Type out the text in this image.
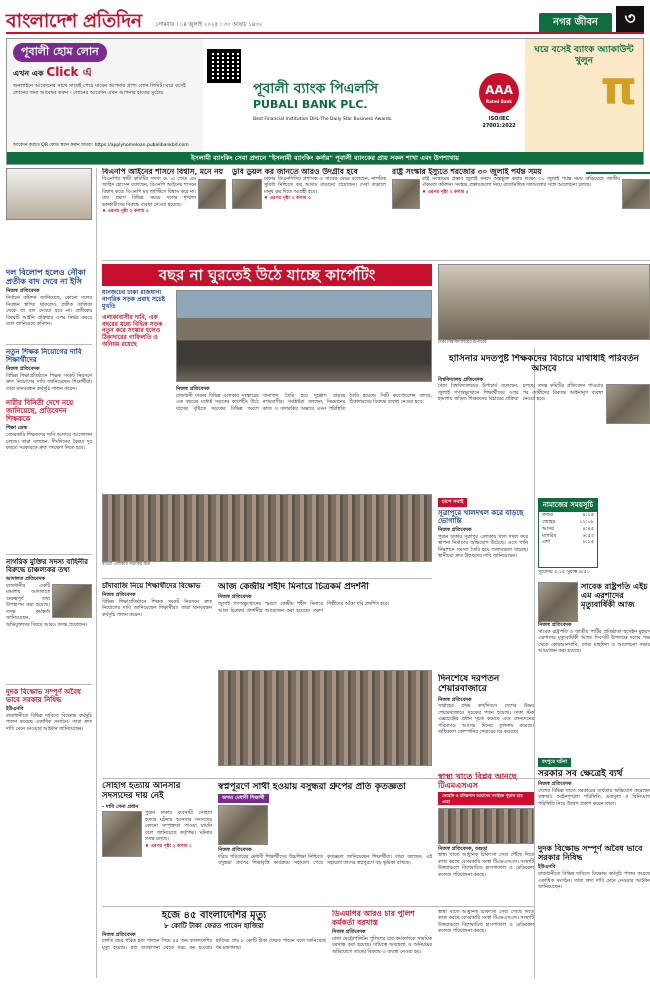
বাংলাদেশ প্রতিদিন	সোমবার । ১৪ জুলাই ২০২৫ । ৩০ আষাঢ় ১৪৩২	নগর জীবন	৩
পূবালী হোম লোন
এখন এক Click এ
অনলাইনে আবেদনের সাথে সাথেই পেয়ে যাবেন আপনার প্রাপ্য লোন লিমিট। ঘরে বসেই লোনের জন্য আবেদন করুন - লোনের আবেদন এখন আপনার হাতের মুঠোয়	পূবালী ব্যাংক পিএলসি
PUBALI BANK PLC.
Best Financial Institution DHL-The Daily Star Business Awards.
AAA
Rated Bank
ISO/IEC 27001:2022
ঘরে বসেই ব্যাংক অ্যাকাউন্ট খুলুন
π
আবেদন করতে QR কোড স্ক্যান করুন অথবা: https://applyhomeloan.pubalibankbd.com
ইসলামী ব্যাংকিং সেবা প্রদানে "ইসলামী ব্যাংকিং কর্নার" পূবালী ব্যাংকের প্রায় সকল শাখা এবং উপশাখায়
দল বিলোপ হলেও নৌকা প্রতীক বাদ দেবে না ইসি
নিজস্ব প্রতিবেদক
নির্বাচন কমিশন জানিয়েছে, কোনো দলের নিবন্ধন স্থগিত থাকলেও প্রতীক তালিকা থেকে তা বাদ দেওয়া হবে না। প্রতীকের বিষয়টি আইনি প্রক্রিয়ার ওপর নির্ভর করবে বলে জানিয়েছে কমিশন।
নতুন শিক্ষক নিয়োগের দাবি শিক্ষার্থীদের
নিজস্ব প্রতিবেদক
বিভিন্ন শিক্ষাপ্রতিষ্ঠানে শিক্ষক সংকট নিরসনে দ্রুত নিয়োগের দাবি জানিয়েছেন শিক্ষার্থীরা। তারা মানববন্ধন কর্মসূচি পালন করেন।
নারীর বিনিতী দেশে নয়ে জানিয়েছে, প্রতিবেদন শিক্ষককে
শিক্ষা ডেস্ক
বেসরকারি শিক্ষকদের দাবি আদায়ে আন্দোলন চলছে। তারা বলছেন, দীর্ঘদিনের বৈষম্য দূর করতে সরকারকে দ্রুত পদক্ষেপ নিতে হবে।
নাগরিক মুক্তির সদস্য বাহিনীর বিরুদ্ধে চাঞ্চল্যকর তথ্য
আদালত প্রতিবেদক
রাজধানীর একটি মামলায় আদালতে গুরুত্বপূর্ণ তথ্য উপস্থাপন করা হয়েছে। তদন্ত কর্মকর্তা জানিয়েছেন, অভিযুক্তদের বিষয়ে আরও তদন্ত প্রয়োজন।
দুদক বিক্ষোভ সম্পূর্ণ অবৈধ ভাবে সরকার নিষিদ্ধ
ইউএনবি
রাজধানীতে বিভিন্ন দাবিতে বিক্ষোভ কর্মসূচি পালন করেছে একাধিক সংগঠন। তারা দ্রুত দাবি মেনে নেওয়ার আহ্বান জানিয়েছেন।
বিএনপি আইনের শাসনে বিশ্বাস, মনে নয়
বিএনপির স্থায়ী কমিটির সদস্য ড. এ জেড এম জাহিদ হোসেন বলেছেন, বিএনপি আইনের শাসনে বিশ্বাস করে। বিএনপি মব জাস্টিসে বিশ্বাস করে না। যার প্রমাণ বিভিন্ন সময়ে দলের শৃঙ্খলা ভঙ্গকারীদের বিরুদ্ধে ব্যবস্থা নেওয়া হয়েছে।
♦ এরপর পৃষ্ঠা ২ কলাম ৪
ডুবি ডুয়ল কর জানতে আরও উদগ্রীব হবে
ঢাকার ডিএনসিসির প্রশাসক ও সাবেক মেয়র বলেছেন, নাগরিক সুবিধা নিশ্চিতে কর আদায় বাড়ানো প্রয়োজন। সেবা বাড়ালে মানুষ কর দিতে আগ্রহী হবে।
♦ এরপর পৃষ্ঠা ২ কলাম ৩
রাষ্ট্র সংস্কার ইস্যুতে শরজোর ৩০ জুলাই পর্যন্ত সময়
রাষ্ট্র সংস্কারের প্রস্তাব জুলাই সনদে অন্তর্ভুক্ত করার লক্ষ্যে ৩০ জুলাই পর্যন্ত সময় বাড়িয়েছে জাতীয় ঐকমত্য কমিশন। সংস্কার প্রস্তাবগুলো নিয়ে রাজনৈতিক দলগুলোর সঙ্গে আলোচনা চলছে।
♦ এরপর পৃষ্ঠা ২ কলাম ৫
বছর না ঘুরতেই উঠে যাচ্ছে কার্পেটিং
যানজটের ঢাকা রাজধানী নাগরিক সড়ক প্রবাহ সচেষ্ট মুখতি
এলাকাবাসীর দাবি, এক বছরের মধ্যে বিভিন্ন সড়ক নতুন করে সংস্কার হলেও ঠিকাদারের গাফিলতি ও অনিয়ম রয়েছে
নিজস্ব প্রতিবেদক
রাজধানী ঢাকার বিভিন্ন এলাকায় সংস্কারের এক বছরের মধ্যেই সড়কের কার্পেটিং উঠে যাচ্ছে। বৃষ্টিতে সড়কের বিভিন্ন অংশে খানাখন্দ তৈরি হয়ে দুর্ভোগ বাড়ছে নগরবাসীর। সংশ্লিষ্টরা বলছেন, নিম্নমানের কাজ ও তদারকির অভাবে এমন পরিস্থিতি তৈরি হয়েছে। সিটি করপোরেশন বলছে, ঠিকাদারদের বিরুদ্ধে ব্যবস্থা নেওয়া হবে।
বাড্ডা এলাকার সড়কের চিত্র
ঢাকা বিশ্ববিদ্যালয়ের উপাচার্য
হাসিনার মদতপুষ্ট শিক্ষকদের বিচারে মাথাধাই পরিবর্তন আসবে
বিশ্ববিদ্যালয় প্রতিবেদক
ঢাকা বিশ্ববিদ্যালয়ের উপাচার্য বলেছেন, জুলাই গণঅভ্যুত্থানে শিক্ষার্থীদের ওপর হামলায় জড়িত শিক্ষকদের বিচারের প্রক্রিয়া চলছে। তদন্ত কমিটির প্রতিবেদন পাওয়ার পর দোষীদের বিরুদ্ধে আইনানুগ ব্যবস্থা নেওয়া হবে।
চাপে সবাই
সূত্রাপুরে খালদখল করে বাড়ছে ভোগান্তি
নিজস্ব প্রতিবেদক
পুরান ঢাকার সূত্রাপুর এলাকায় খাল দখল করে স্থাপনা নির্মাণের অভিযোগ উঠেছে। এতে পানি নিষ্কাশনে সমস্যা তৈরি হয়ে জলাবদ্ধতা বাড়ছে। স্থানীয়রা দ্রুত উচ্ছেদের দাবি জানিয়েছেন।
নামাজের সময়সূচি
ফজর	৪:০৫
জোহর	১২:০৮
আসর	৪:৪৫
মাগরিব	৬:৫৩
এশা	৮:১৫
সূর্যোদয় ৫:১৫ সূর্যাস্ত ৬:৫০
সাবেক রাষ্ট্রপতি এইচ এম এরশাদের মৃত্যুবার্ষিকী আজ
নিজস্ব প্রতিবেদক
সাবেক রাষ্ট্রপতি ও জাতীয় পার্টির প্রতিষ্ঠাতা হুসেইন মুহম্মদ এরশাদের মৃত্যুবার্ষিকী আজ। দিবসটি উপলক্ষে দলের পক্ষ থেকে কোরআনখানি, দোয়া মাহফিল ও আলোচনা সভার আয়োজন করা হয়েছে।
চাঁদাবাজি নিয়ে শিক্ষার্থীদের বিক্ষোভ
নিজস্ব প্রতিবেদক
বিভিন্ন শিক্ষাপ্রতিষ্ঠানে শিক্ষক সংকট নিরসনে দ্রুত নিয়োগের দাবি জানিয়েছেন শিক্ষার্থীরা। তারা মানববন্ধন কর্মসূচি পালন করেন।
আজ কেন্দ্রীয় শহীদ মিনারে চিত্রকর্ম প্রদর্শনী
নিজস্ব প্রতিবেদক
জুলাই গণঅভ্যুত্থানের স্মরণে কেন্দ্রীয় শহীদ মিনারে আজ চিত্রকর্ম প্রদর্শনীর আয়োজন করা হয়েছে। তরুণ শিল্পীদের আঁকা ছবি প্রদর্শিত হবে।
দিনশেষে দরপতন শেয়ারবাজারে
নিজস্ব প্রতিবেদক
সপ্তাহের প্রথম কার্যদিবসে দেশের উভয় শেয়ারবাজারে সূচকের পতন হয়েছে। ঢাকা স্টক এক্সচেঞ্জের প্রধান সূচক কমেছে এবং লেনদেনের পরিমাণও আগের দিনের তুলনায় কমেছে। অধিকাংশ কোম্পানির শেয়ারের দর কমেছে।
সোহাগ হত্যায় আনসার সদস্যদের দায় নেই
- দাবি সেনা প্রধান
পুরান ঢাকায় ব্যবসায়ী সোহাগ হত্যার ঘটনায় আনসার সদস্যদের কোনো সম্পৃক্ততা পাওয়া যায়নি বলে জানিয়েছে কর্তৃপক্ষ। ঘটনার তদন্ত চলছে।
♦ এরপর পৃষ্ঠা ২ কলাম ১
স্বপ্নপূরণে সাথী হওয়ায় বসুন্ধরা গ্রুপের প্রতি কৃতজ্ঞতা
অদম্য মেধাবী শিক্ষার্থী
নিজস্ব প্রতিবেদক
দরিদ্র পরিবারের মেধাবী শিক্ষার্থীদের উচ্চশিক্ষা নিশ্চিতে বসুন্ধরা গ্রুপের শিক্ষাবৃত্তি কার্যক্রমে সহায়তা পেয়ে কৃতজ্ঞতা জানিয়েছেন শিক্ষার্থীরা। তারা বলছেন, এই সহায়তা তাদের স্বপ্নপূরণে বড় ভূমিকা রাখছে।
স্বাস্থ্য খাতে বিপ্লব আনছে টিএমএসএস
ফেরেঙ্গি ও মনিরুপান আমাদের সবাইকে পুড়াল হবে ওহো
নিজস্ব প্রতিবেদক, বগুড়া
স্বাস্থ্য খাতে আধুনিক চিকিৎসা সেবা পৌঁছে দিতে কাজ করছে বেসরকারি সংস্থা টিএমএসএস। সংস্থাটি উত্তরাঞ্চলে বিশেষায়িত হাসপাতাল ও মেডিকেল কলেজ পরিচালনা করছে।
রংপুরে ঘটনা
সরকার সব ক্ষেত্রেই ব্যর্থ
নিজস্ব প্রতিবেদক
দেশের বিভিন্ন খাতে সরকারের ব্যর্থতার অভিযোগ করেছেন বক্তারা। আইনশৃঙ্খলা পরিস্থিতি, দ্রব্যমূল্য ও বিনিয়োগ পরিস্থিতি নিয়ে উদ্বেগ প্রকাশ করেন তারা।
হজে ৪৫ বাংলাদেশির মৃত্যু
৮ কোটি টাকা ফেরত পাবেন হাজিরা
নিজস্ব প্রতিবেদক
চলতি বছর পবিত্র হজ পালনে গিয়ে ৪৫ জন বাংলাদেশির মৃত্যু হয়েছে। হজ ব্যবস্থাপনা থেকে খরচ কম হওয়ায় হাজিরা প্রায় ৮ কোটি টাকা ফেরত পাবেন বলে জানিয়েছে ধর্ম মন্ত্রণালয়।
ডিএমপির আরও চার পুলিশ কর্মকর্তা বরখাস্ত
নিজস্ব প্রতিবেদক
ঢাকা মেট্রোপলিটন পুলিশের চার কর্মকর্তাকে সাময়িক বরখাস্ত করা হয়েছে। দায়িত্বে অবহেলা ও অনিয়মের অভিযোগে তাদের বিরুদ্ধে এ ব্যবস্থা নেওয়া হয়।
স্বাস্থ্য খাতে আধুনিক চিকিৎসা সেবা পৌঁছে দিতে কাজ করছে বেসরকারি সংস্থা টিএমএসএস। সংস্থাটি উত্তরাঞ্চলে বিশেষায়িত হাসপাতাল ও মেডিকেল কলেজ পরিচালনা করছে।
দুদক বিক্ষোভ সম্পূর্ণ অবৈধ ভাবে সরকার নিষিদ্ধ
ইউএনবি
রাজধানীতে বিভিন্ন দাবিতে বিক্ষোভ কর্মসূচি পালন করেছে একাধিক সংগঠন। তারা দ্রুত দাবি মেনে নেওয়ার আহ্বান জানিয়েছেন।
